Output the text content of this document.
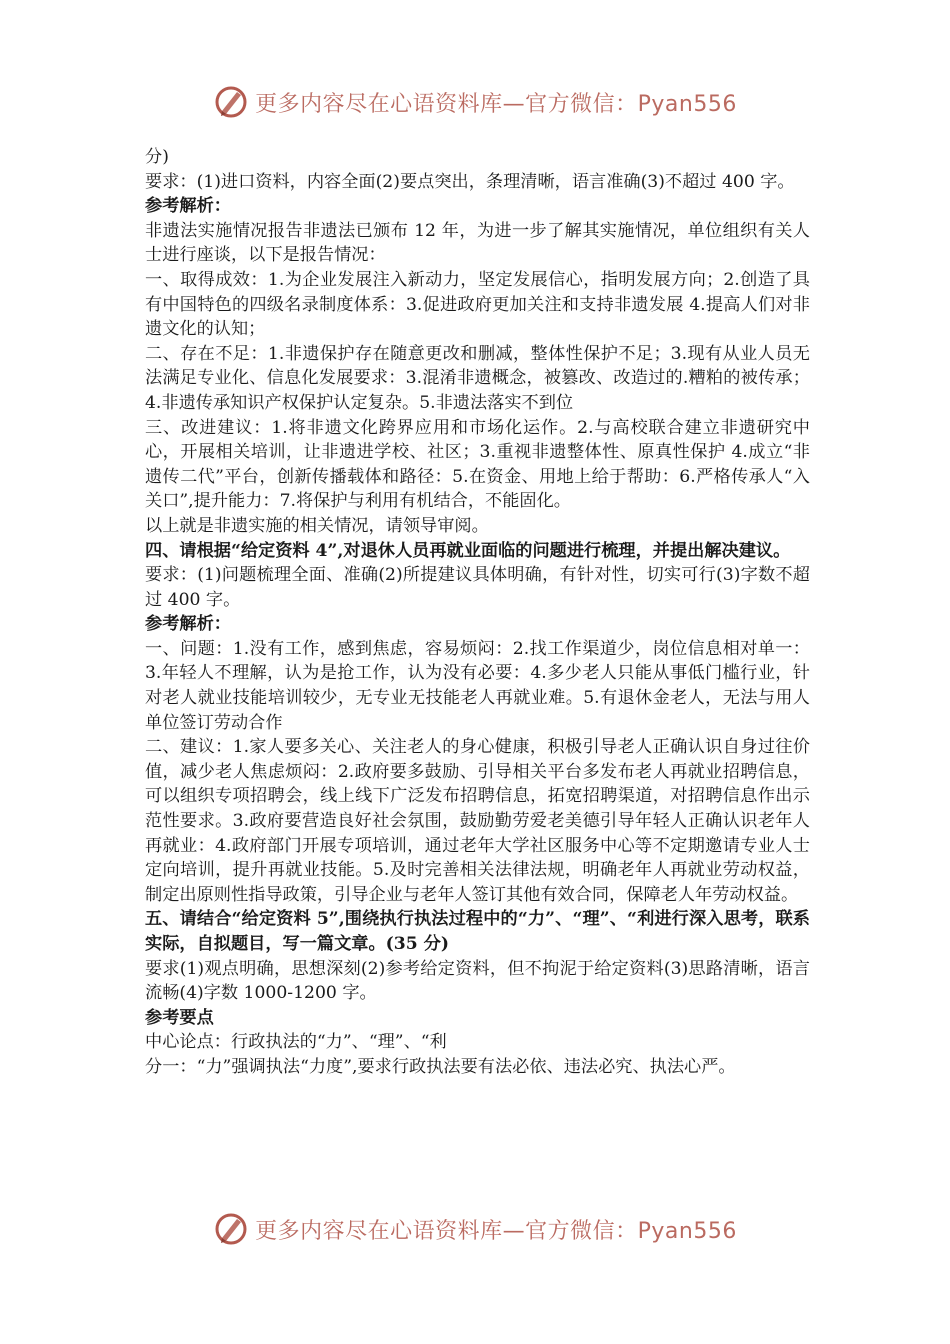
更多内容尽在心语资料库—官方微信：Pyan556

分)

要求：(1)进口资料，内容全面(2)要点突出，条理清晰，语言准确(3)不超过 400 字。

参考解析：

非遗法实施情况报告非遗法已颁布 12 年，为进一步了解其实施情况，单位组织有关人士进行座谈，以下是报告情况：

一、取得成效：1.为企业发展注入新动力，坚定发展信心，指明发展方向；2.创造了具有中国特色的四级名录制度体系：3.促进政府更加关注和支持非遗发展 4.提高人们对非遗文化的认知；

二、存在不足：1.非遗保护存在随意更改和删减，整体性保护不足；3.现有从业人员无法满足专业化、信息化发展要求：3.混淆非遗概念，被篡改、改造过的.糟粕的被传承；4.非遗传承知识产权保护认定复杂。5.非遗法落实不到位

三、改进建议：1.将非遗文化跨界应用和市场化运作。2.与高校联合建立非遗研究中心，开展相关培训，让非遗进学校、社区；3.重视非遗整体性、原真性保护 4.成立“非遗传二代”平台，创新传播载体和路径：5.在资金、用地上给于帮助：6.严格传承人“入关口”,提升能力：7.将保护与利用有机结合，不能固化。

以上就是非遗实施的相关情况，请领导审阅。

四、请根据“给定资料 4”,对退休人员再就业面临的问题进行梳理，并提出解决建议。

要求：(1)问题梳理全面、准确(2)所提建议具体明确，有针对性，切实可行(3)字数不超过 400 字。

参考解析：

一、问题：1.没有工作，感到焦虑，容易烦闷：2.找工作渠道少，岗位信息相对单一：3.年轻人不理解，认为是抢工作，认为没有必要：4.多少老人只能从事低门槛行业，针对老人就业技能培训较少，无专业无技能老人再就业难。5.有退休金老人，无法与用人单位签订劳动合作

二、建议：1.家人要多关心、关注老人的身心健康，积极引导老人正确认识自身过往价值，减少老人焦虑烦闷：2.政府要多鼓励、引导相关平台多发布老人再就业招聘信息，可以组织专项招聘会，线上线下广泛发布招聘信息，拓宽招聘渠道，对招聘信息作出示范性要求。3.政府要营造良好社会氛围，鼓励勤劳爱老美德引导年轻人正确认识老年人再就业：4.政府部门开展专项培训，通过老年大学社区服务中心等不定期邀请专业人士定向培训，提升再就业技能。5.及时完善相关法律法规，明确老年人再就业劳动权益，制定出原则性指导政策，引导企业与老年人签订其他有效合同，保障老人年劳动权益。

五、请结合“给定资料 5”,围绕执行执法过程中的“力”、“理”、“利进行深入思考，联系实际，自拟题目，写一篇文章。(35 分)

要求(1)观点明确，思想深刻(2)参考给定资料，但不拘泥于给定资料(3)思路清晰，语言流畅(4)字数 1000-1200 字。

参考要点

中心论点：行政执法的“力”、“理”、“利

分一：“力”强调执法“力度”,要求行政执法要有法必依、违法必究、执法心严。

更多内容尽在心语资料库—官方微信：Pyan556
